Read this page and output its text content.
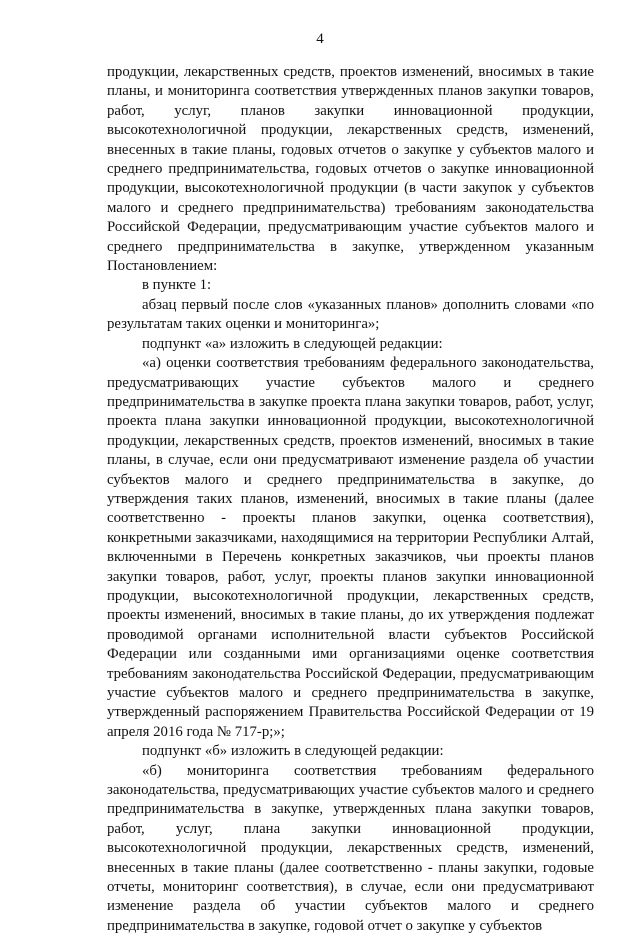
4

продукции, лекарственных средств, проектов изменений, вносимых в такие планы, и мониторинга соответствия утвержденных планов закупки товаров, работ, услуг, планов закупки инновационной продукции, высокотехнологичной продукции, лекарственных средств, изменений, внесенных в такие планы, годовых отчетов о закупке у субъектов малого и среднего предпринимательства, годовых отчетов о закупке инновационной продукции, высокотехнологичной продукции (в части закупок у субъектов малого и среднего предпринимательства) требованиям законодательства Российской Федерации, предусматривающим участие субъектов малого и среднего предпринимательства в закупке, утвержденном указанным Постановлением:

в пункте 1:

абзац первый после слов «указанных планов» дополнить словами «по результатам таких оценки и мониторинга»;

подпункт «а» изложить в следующей редакции:

«а) оценки соответствия требованиям федерального законодательства, предусматривающих участие субъектов малого и среднего предпринимательства в закупке проекта плана закупки товаров, работ, услуг, проекта плана закупки инновационной продукции, высокотехнологичной продукции, лекарственных средств, проектов изменений, вносимых в такие планы, в случае, если они предусматривают изменение раздела об участии субъектов малого и среднего предпринимательства в закупке, до утверждения таких планов, изменений, вносимых в такие планы (далее соответственно - проекты планов закупки, оценка соответствия), конкретными заказчиками, находящимися на территории Республики Алтай, включенными в Перечень конкретных заказчиков, чьи проекты планов закупки товаров, работ, услуг, проекты планов закупки инновационной продукции, высокотехнологичной продукции, лекарственных средств, проекты изменений, вносимых в такие планы, до их утверждения подлежат проводимой органами исполнительной власти субъектов Российской Федерации или созданными ими организациями оценке соответствия требованиям законодательства Российской Федерации, предусматривающим участие субъектов малого и среднего предпринимательства в закупке, утвержденный распоряжением Правительства Российской Федерации от 19 апреля 2016 года № 717-р;»;

подпункт «б» изложить в следующей редакции:

«б) мониторинга соответствия требованиям федерального законодательства, предусматривающих участие субъектов малого и среднего предпринимательства в закупке, утвержденных плана закупки товаров, работ, услуг, плана закупки инновационной продукции, высокотехнологичной продукции, лекарственных средств, изменений, внесенных в такие планы (далее соответственно - планы закупки, годовые отчеты, мониторинг соответствия), в случае, если они предусматривают изменение раздела об участии субъектов малого и среднего предпринимательства в закупке, годовой отчет о закупке у субъектов
